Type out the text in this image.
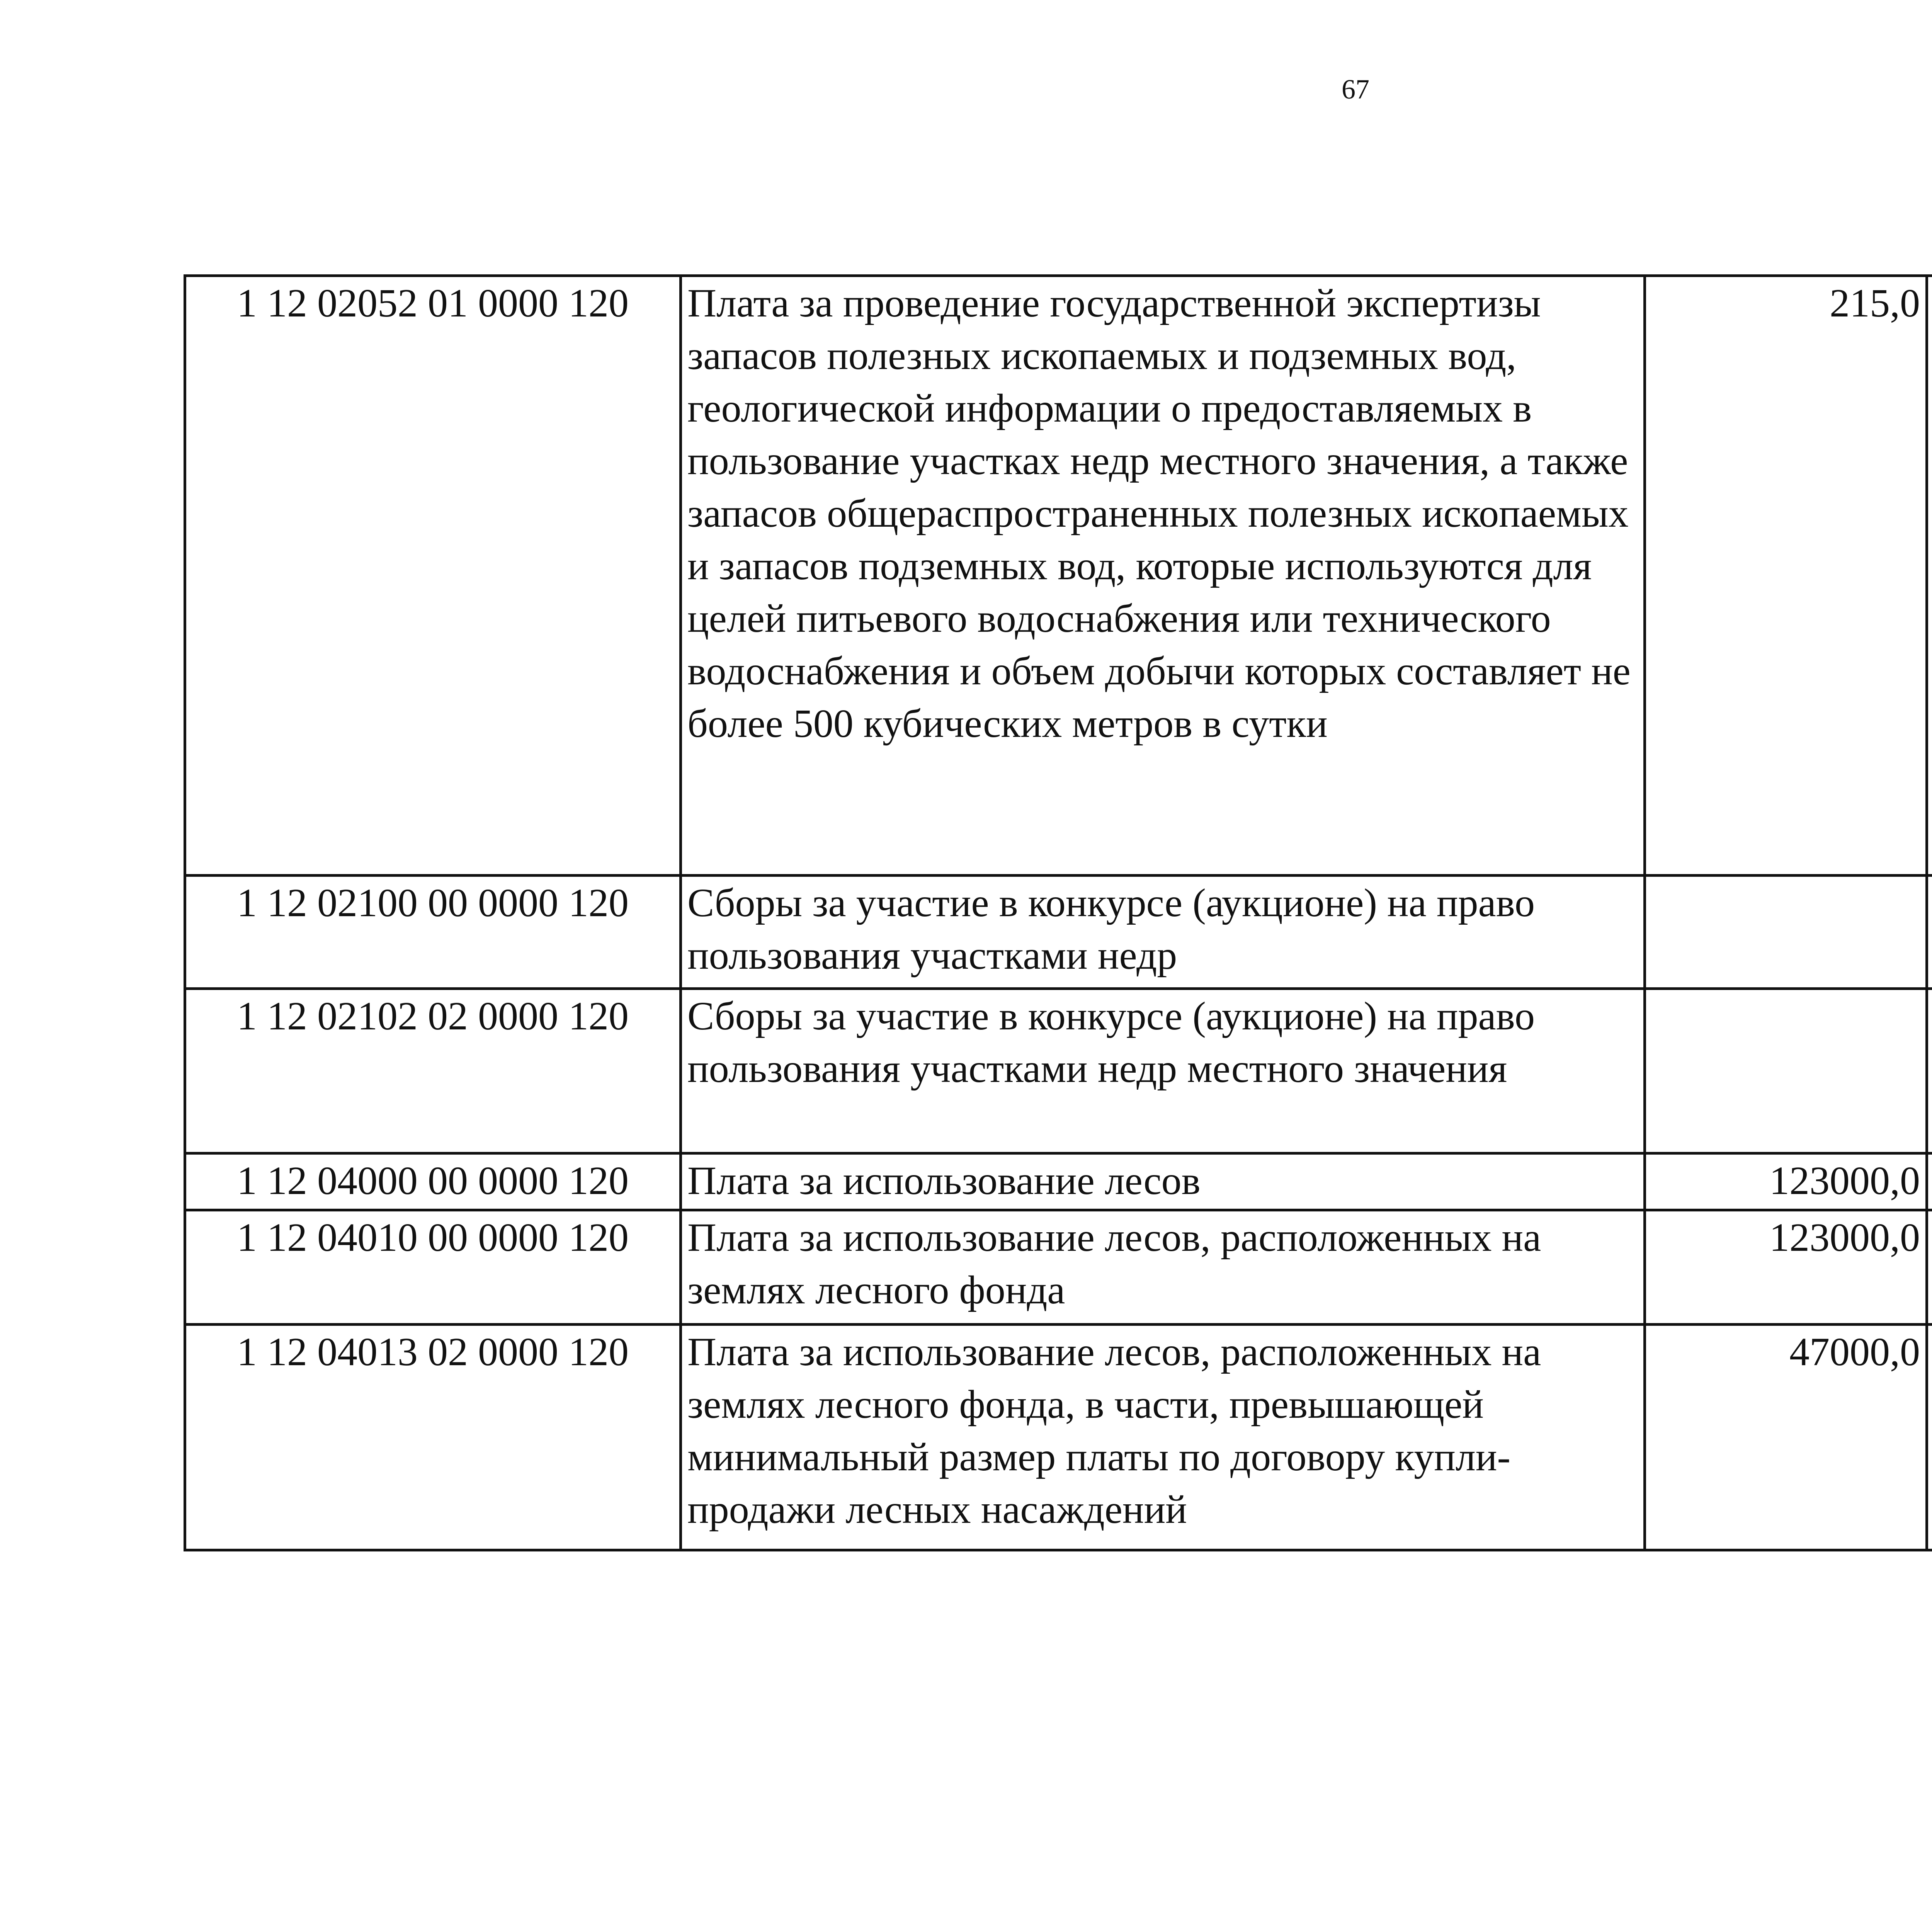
67
1 12 02052 01 0000 120	Плата за проведение государственной экспертизы запасов полезных ископаемых и подземных вод, геологической информации о предоставляемых в пользование участках недр местного значения, а также запасов общераспространенных полезных ископаемых и запасов подземных вод, которые используются для целей питьевого водоснабжения или технического водоснабжения и объем добычи которых составляет не более 500 кубических метров в сутки	215,0		
1 12 02100 00 0000 120	Сборы за участие в конкурсе (аукционе) на право пользования участками недр			
1 12 02102 02 0000 120	Сборы за участие в конкурсе (аукционе) на право пользования участками недр местного значения			
1 12 04000 00 0000 120	Плата за использование лесов	123000,0		
1 12 04010 00 0000 120	Плата за использование лесов, расположенных на землях лесного фонда	123000,0		
1 12 04013 02 0000 120	Плата за использование лесов, расположенных на землях лесного фонда, в части, превышающей минимальный размер платы по договору купли-продажи лесных насаждений	47000,0		
